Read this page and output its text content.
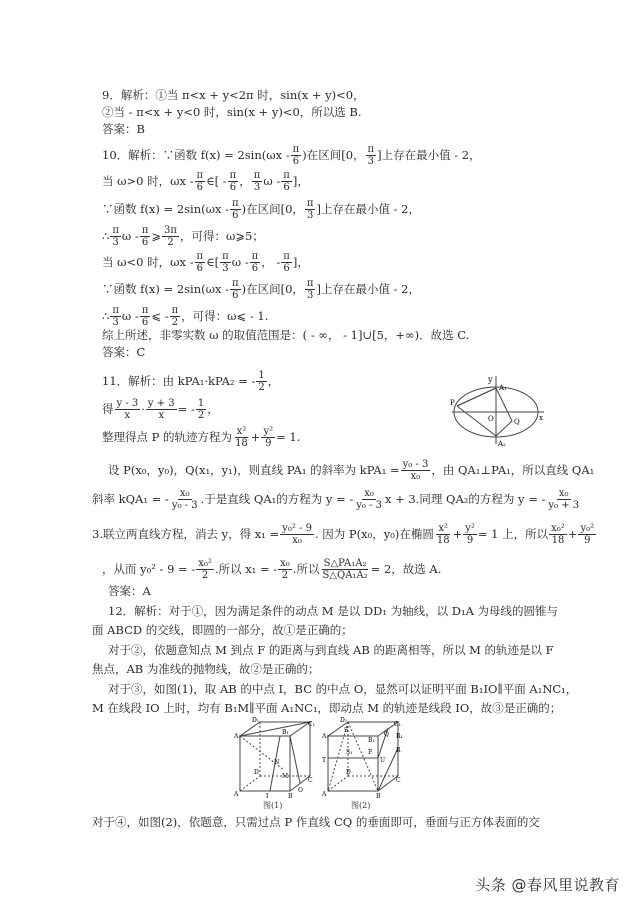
9．解析：①当 π<x + y<2π 时，sin(x + y)<0，
②当 - π<x + y<0 时，sin(x + y)<0，所以选 B.
答案：B
10．解析：∵函数 $f(x) = 2\sin(\omega x - \frac{\pi}{6}$ )在区间[0， $\frac{\pi}{3}$ ]上存在最小值 - 2，
当 ω>0 时，ωx - $\frac{\pi}{6}$ ∈[ - $\frac{\pi}{6}$ ， $\frac{\pi}{3}$ ω - $\frac{\pi}{6}$ ]，
∵函数 $f(x) = 2\sin(\omega x - \frac{\pi}{6}$ )在区间[0， $\frac{\pi}{3}$ ]上存在最小值 - 2，
∴ $\frac{\pi}{3}$ ω - $\frac{\pi}{6}$ ⩾ $\frac{3\pi}{2}$ ，可得：ω⩾5；
当 ω<0 时，ωx - $\frac{\pi}{6}$ ∈[ $\frac{\pi}{3}$ ω - $\frac{\pi}{6}$ ， - $\frac{\pi}{6}$ ]，
∵函数 $f(x) = 2\sin(\omega x - \frac{\pi}{6}$ )在区间[0， $\frac{\pi}{3}$ ]上存在最小值 - 2，
∴ $\frac{\pi}{3}$ ω - $\frac{\pi}{6}$ ⩽ - $\frac{\pi}{2}$ ，可得：ω⩽ - 1.
综上所述，非零实数 ω 的取值范围是：( - ∞， - 1]∪[5，+∞)．故选 C.
答案：C
11．解析：由 kPA₁·kPA₂ = - $\frac{1}{2}$ ，
得 $\frac{y - 3}{x} \cdot \frac{y + 3}{x}$ = - $\frac{1}{2}$ ，
整理得点 P 的轨迹方程为 $\frac{\text{x²}}{18} + \frac{\text{y²}}{9} = 1$.
设 P(x₀，y₀)，Q(x₁，y₁)，则直线 PA₁ 的斜率为 $kPA_1 = \frac{\text{y₀ - 3}}{\text{x₀}}$ ，由 QA₁⊥PA₁，所以直线 QA₁
斜率 kQA₁ = - $\frac{\text{x₀}}{\text{y₀ - 3}}$ .于是直线 QA₁的方程为 y = - $\frac{\text{x₀}}{\text{y₀ - 3}}$ x + 3.同理 QA₂的方程为 y = - $\frac{\text{x₀}}{\text{y₀ + 3}}$
3.联立两直线方程，消去 y，得 $x_1 = \frac{\text{y₀² - 9}}{\text{x₀}}$ . 因为 P(x₀，y₀)在椭圆 $\frac{\text{x²}}{18} + \frac{\text{y²}}{9} = 1$ 上，所以 $\frac{\text{x₀²}}{18} + \frac{\text{y₀²}}{9}$
，从而 y₀² - 9 = - $\frac{\text{x₀²}}{2}$ .所以 x₁ = - $\frac{\text{x₀}}{2}$ .所以 $\frac{\text{S△PA₁A₂}}{\text{S△QA₁A₂}} = 2$，故选 A.
答案：A
12．解析：对于①，因为满足条件的动点 M 是以 DD₁ 为轴线，以 D₁A 为母线的圆锥与
面 ABCD 的交线，即圆的一部分，故①是正确的；
对于②，依题意知点 M 到点 F 的距离与到直线 AB 的距离相等，所以 M 的轨迹是以 F
焦点，AB 为准线的抛物线，故②是正确的；
对于③，如图(1)，取 AB 的中点 I，BC 的中点 O，显然可以证明平面 B₁IO∥平面 A₁NC₁，
M 在线段 IO 上时，均有 B₁M∥平面 A₁NC₁，即动点 M 的轨迹是线段 IO，故③是正确的；
对于④，如图(2)，依题意，只需过点 P 作直线 CQ 的垂面即可，垂面与正方体表面的交
y
A₁
P
O	Q	x
A₂
D₁
C₁
A₁
B₁
D
N
M
C
A	I	B
O
D₁
C₁
A₁
S
Q R₁
B₁
S₁	P	R
T	U
D
C
A	B
图(1)	图(2)
头条 @春风里说教育
